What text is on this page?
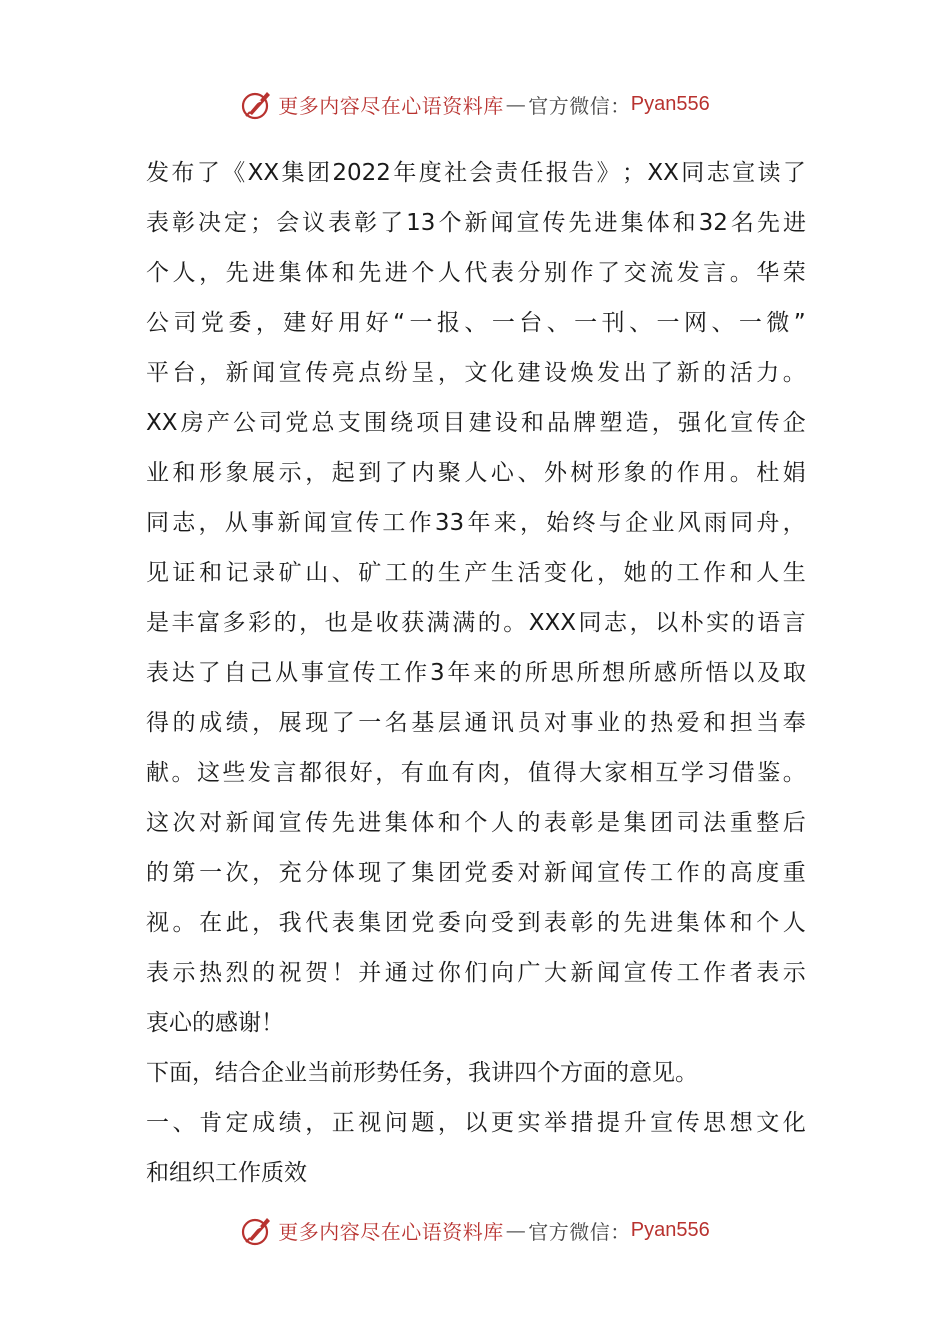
更多内容尽在心语资料库 — 官方微信： Pyan556
发 布 了 《 XX 集 团 2022 年 度 社 会 责 任 报 告 》 ； XX 同 志 宣 读 了
表 彰 决 定 ； 会 议 表 彰 了 13 个 新 闻 宣 传 先 进 集 体 和 32 名 先 进
个 人 ， 先 进 集 体 和 先 进 个 人 代 表 分 别 作 了 交 流 发 言 。 华 荣
公 司 党 委 ， 建 好 用 好 “ 一 报 、 一 台 、 一 刊 、 一 网 、 一 微 ”
平 台 ， 新 闻 宣 传 亮 点 纷 呈 ， 文 化 建 设 焕 发 出 了 新 的 活 力 。
XX 房 产 公 司 党 总 支 围 绕 项 目 建 设 和 品 牌 塑 造 ， 强 化 宣 传 企
业 和 形 象 展 示 ， 起 到 了 内 聚 人 心 、 外 树 形 象 的 作 用 。 杜 娟
同 志 ， 从 事 新 闻 宣 传 工 作 33 年 来 ， 始 终 与 企 业 风 雨 同 舟 ，
见 证 和 记 录 矿 山 、 矿 工 的 生 产 生 活 变 化 ， 她 的 工 作 和 人 生
是 丰 富 多 彩 的 ， 也 是 收 获 满 满 的 。 XXX 同 志 ， 以 朴 实 的 语 言
表 达 了 自 己 从 事 宣 传 工 作 3 年 来 的 所 思 所 想 所 感 所 悟 以 及 取
得 的 成 绩 ， 展 现 了 一 名 基 层 通 讯 员 对 事 业 的 热 爱 和 担 当 奉
献 。 这 些 发 言 都 很 好 ， 有 血 有 肉 ， 值 得 大 家 相 互 学 习 借 鉴 。
这 次 对 新 闻 宣 传 先 进 集 体 和 个 人 的 表 彰 是 集 团 司 法 重 整 后
的 第 一 次 ， 充 分 体 现 了 集 团 党 委 对 新 闻 宣 传 工 作 的 高 度 重
视 。 在 此 ， 我 代 表 集 团 党 委 向 受 到 表 彰 的 先 进 集 体 和 个 人
表 示 热 烈 的 祝 贺 ！ 并 通 过 你 们 向 广 大 新 闻 宣 传 工 作 者 表 示
衷心的感谢！
下面，结合企业当前形势任务，我讲四个方面的意见。
一 、 肯 定 成 绩 ， 正 视 问 题 ， 以 更 实 举 措 提 升 宣 传 思 想 文 化
和组织工作质效
更多内容尽在心语资料库 — 官方微信： Pyan556
